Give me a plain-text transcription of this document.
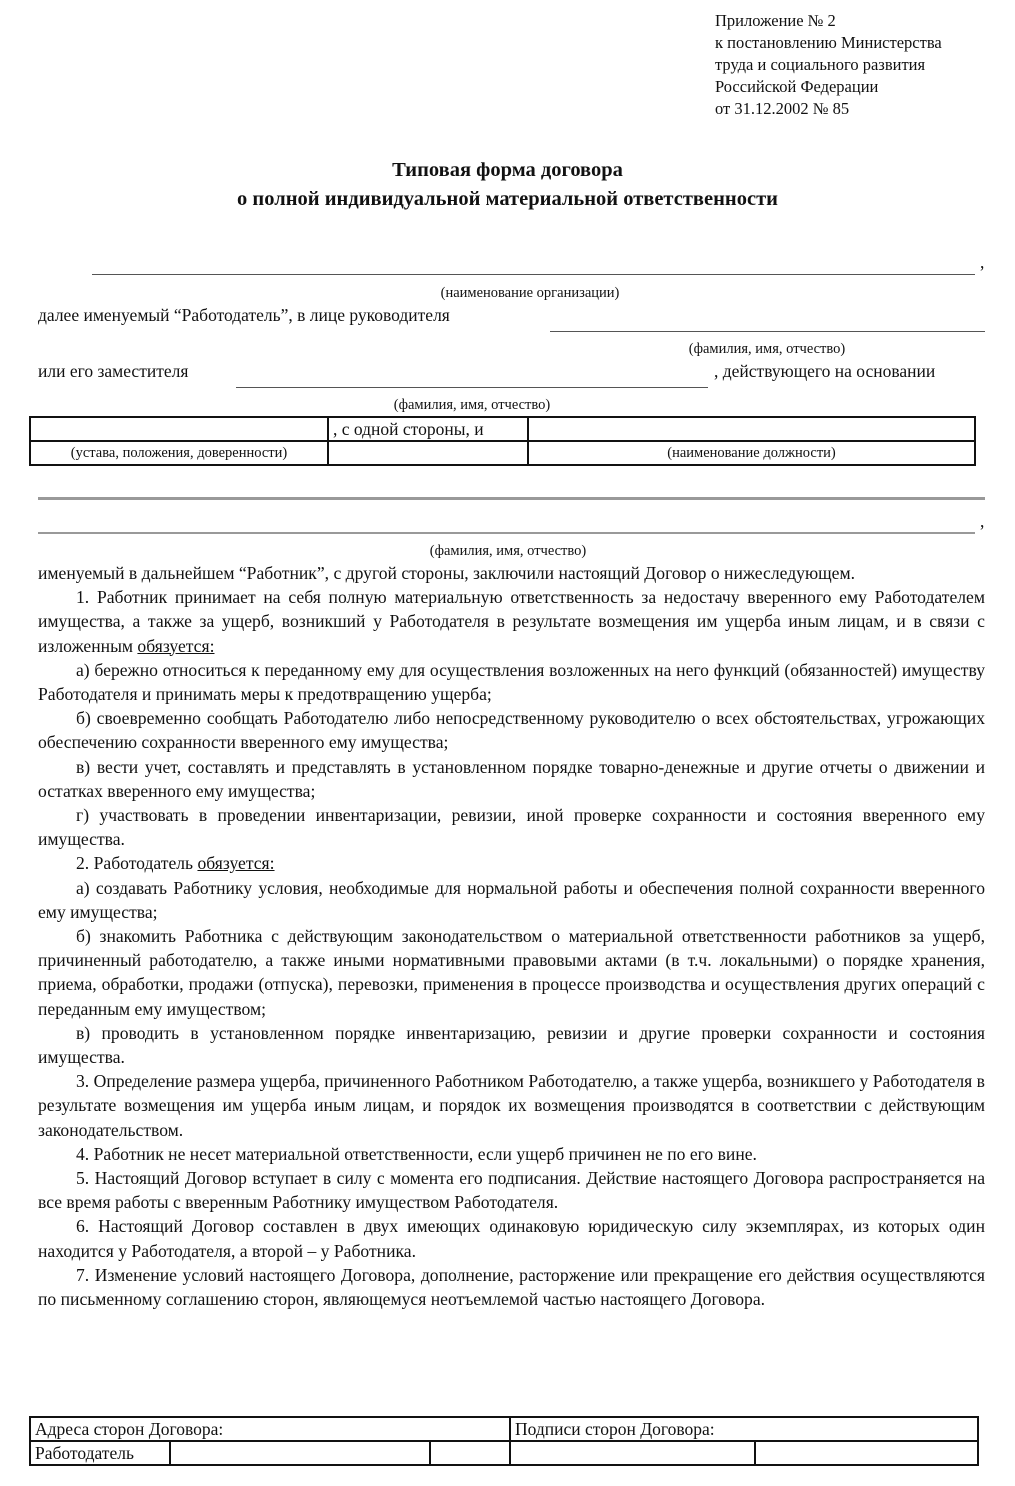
Приложение № 2
к постановлению Министерства
труда и социального развития
Российской Федерации
от 31.12.2002 № 85
Типовая форма договора
о полной индивидуальной материальной ответственности
,
(наименование организации)
далее именуемый “Работодатель”, в лице руководителя
(фамилия, имя, отчество)
или его заместителя	, действующего на основании
(фамилия, имя, отчество)
	, с одной стороны, и	
(устава, положения, доверенности)		(наименование должности)
,
(фамилия, имя, отчество)

именуемый в дальнейшем “Работник”, с другой стороны, заключили настоящий Договор о нижеследующем.

1. Работник принимает на себя полную материальную ответственность за недостачу вверенного ему Работодателем имущества, а также за ущерб, возникший у Работодателя в результате возмещения им ущерба иным лицам, и в связи с изложенным обязуется:

а) бережно относиться к переданному ему для осуществления возложенных на него функций (обязанностей) имуществу Работодателя и принимать меры к предотвращению ущерба;

б) своевременно сообщать Работодателю либо непосредственному руководителю о всех обстоятельствах, угрожающих обеспечению сохранности вверенного ему имущества;

в) вести учет, составлять и представлять в установленном порядке товарно-денежные и другие отчеты о движении и остатках вверенного ему имущества;

г) участвовать в проведении инвентаризации, ревизии, иной проверке сохранности и состояния вверенного ему имущества.

2. Работодатель обязуется:

а) создавать Работнику условия, необходимые для нормальной работы и обеспечения полной сохранности вверенного ему имущества;

б) знакомить Работника с действующим законодательством о материальной ответственности работников за ущерб, причиненный работодателю, а также иными нормативными правовыми актами (в т.ч. локальными) о порядке хранения, приема, обработки, продажи (отпуска), перевозки, применения в процессе производства и осуществления других операций с переданным ему имуществом;

в) проводить в установленном порядке инвентаризацию, ревизии и другие проверки сохранности и состояния имущества.

3. Определение размера ущерба, причиненного Работником Работодателю, а также ущерба, возникшего у Работодателя в результате возмещения им ущерба иным лицам, и порядок их возмещения производятся в соответствии с действующим законодательством.

4. Работник не несет материальной ответственности, если ущерб причинен не по его вине.

5. Настоящий Договор вступает в силу с момента его подписания. Действие настоящего Договора распространяется на все время работы с вверенным Работнику имуществом Работодателя.

6. Настоящий Договор составлен в двух имеющих одинаковую юридическую силу экземплярах, из которых один находится у Работодателя, а второй – у Работника.

7. Изменение условий настоящего Договора, дополнение, расторжение или прекращение его действия осуществляются по письменному соглашению сторон, являющемуся неотъемлемой частью настоящего Договора.

Адреса сторон Договора:			Подписи сторон Договора:	
Работодатель				
